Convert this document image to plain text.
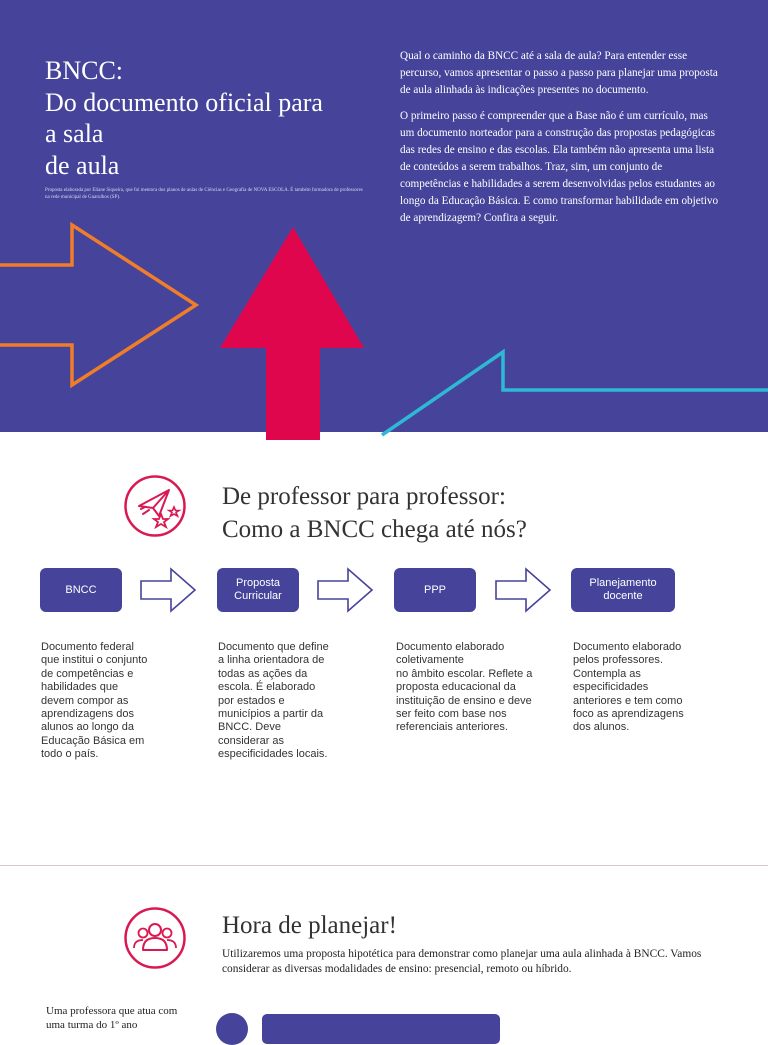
BNCC:
Do documento oficial para
a sala
de aula

Proposta elaborada por Eliane Siqueira, que foi mentora dos planos de aulas de Ciências e Geografia de NOVA ESCOLA. É também formadora de professores na rede municipal de Guarulhos (SP).

Qual o caminho da BNCC até a sala de aula? Para entender esse percurso, vamos apresentar o passo a passo para planejar uma proposta de aula alinhada às indicações presentes no documento.

O primeiro passo é compreender que a Base não é um currículo, mas um documento norteador para a construção das propostas pedagógicas das redes de ensino e das escolas. Ela também não apresenta uma lista de conteúdos a serem trabalhos. Traz, sim, um conjunto de competências e habilidades a serem desenvolvidas pelos estudantes ao longo da Educação Básica. E como transformar habilidade em objetivo de aprendizagem? Confira a seguir.

De professor para professor:
Como a BNCC chega até nós?
BNCC
Proposta Curricular
PPP
Planejamento docente
Documento federal
que institui o conjunto
de competências e
habilidades que
devem compor as
aprendizagens dos
alunos ao longo da
Educação Básica em
todo o país.
Documento que define
a linha orientadora de
todas as ações da
escola. É elaborado
por estados e
municípios a partir da
BNCC. Deve
considerar as
especificidades locais.
Documento elaborado
coletivamente
no âmbito escolar. Reflete a
proposta educacional da
instituição de ensino e deve
ser feito com base nos
referenciais anteriores.
Documento elaborado
pelos professores.
Contempla as
especificidades
anteriores e tem como
foco as aprendizagens
dos alunos.
Hora de planejar!

Utilizaremos uma proposta hipotética para demonstrar como planejar uma aula alinhada à BNCC. Vamos considerar as diversas modalidades de ensino: presencial, remoto ou híbrido.

Uma professora que atua com uma turma do 1º ano
